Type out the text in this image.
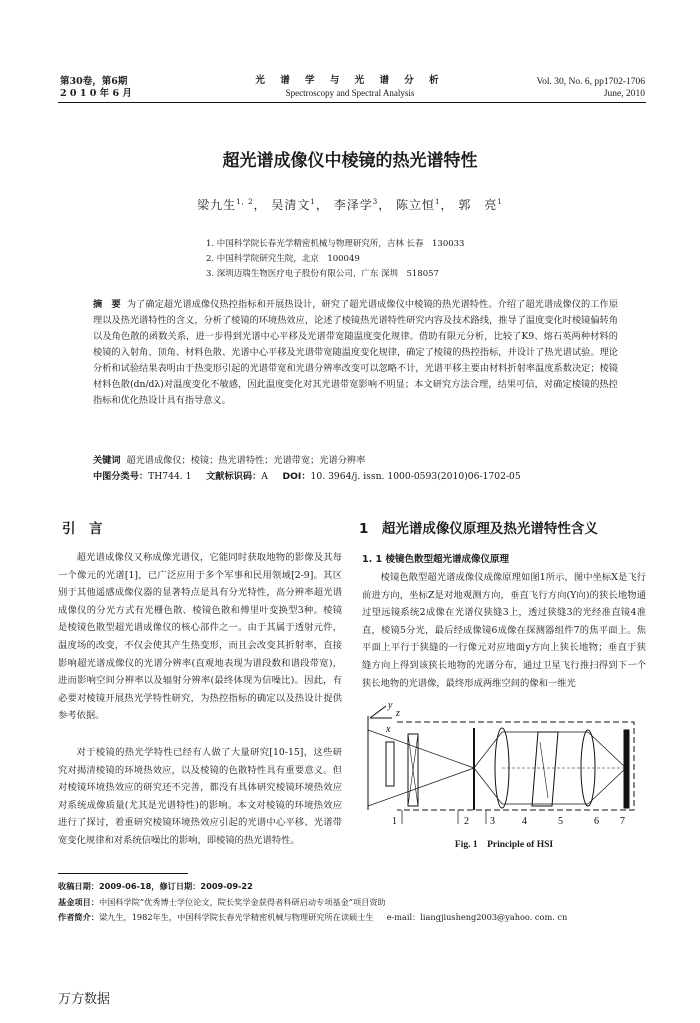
第30卷，第6期
2 0 1 0 年 6 月
光 谱 学 与 光 谱 分 析
Spectroscopy and Spectral Analysis
Vol. 30, No. 6, pp1702-1706
June, 2010
超光谱成像仪中棱镜的热光谱特性
梁九生$^{1, 2}$， 吴清文$^1$， 李泽学$^3$， 陈立恒$^1$， 郭　亮$^1$
1. 中国科学院长春光学精密机械与物理研究所，吉林 长春　130033
2. 中国科学院研究生院，北京　100049
3. 深圳迈瑞生物医疗电子股份有限公司，广东 深圳　518057
摘　要 为了确定超光谱成像仪热控指标和开展热设计，研究了超光谱成像仪中棱镜的热光谱特性。介绍了超光谱成像仪的工作原理以及热光谱特性的含义，分析了棱镜的环境热效应，论述了棱镜热光谱特性研究内容及技术路线，推导了温度变化时棱镜偏转角以及角色散的函数关系，进一步得到光谱中心平移及光谱带宽随温度变化规律。借助有限元分析，比较了K9、熔石英两种材料的棱镜的入射角、顶角、材料色散、光谱中心平移及光谱带宽随温度变化规律，确定了棱镜的热控指标，并设计了热光谱试验。理论分析和试验结果表明由于热变形引起的光谱带宽和光谱分辨率改变可以忽略不计，光谱平移主要由材料折射率温度系数决定；棱镜材料色散(dn/dλ)对温度变化不敏感，因此温度变化对其光谱带宽影响不明显；本文研究方法合理，结果可信，对确定棱镜的热控指标和优化热设计具有指导意义。
关键词 超光谱成像仪；棱镜；热光谱特性；光谱带宽；光谱分辨率
中图分类号：TH744. 1 文献标识码：A DOI：10. 3964/j. issn. 1000-0593(2010)06-1702-05
引　言
超光谱成像仪又称成像光谱仪，它能同时获取地物的影像及其每一个像元的光谱[1]，已广泛应用于多个军事和民用领域[2-9]。其区别于其他遥感成像仪器的显著特点是具有分光特性，高分辨率超光谱成像仪的分光方式有光栅色散、棱镜色散和傅里叶变换型3种。棱镜是棱镜色散型超光谱成像仪的核心部件之一。由于其属于透射元件，温度场的改变，不仅会使其产生热变形，而且会改变其折射率，直接影响超光谱成像仪的光谱分辨率(直观地表现为谱段数和谱段带宽)，进而影响空间分辨率以及辐射分辨率(最终体现为信噪比)。因此，有必要对棱镜开展热光学特性研究，为热控指标的确定以及热设计提供参考依据。
对于棱镜的热光学特性已经有人做了大量研究[10-15]，这些研究对揭清棱镜的环境热效应，以及棱镜的色散特性具有重要意义。但对棱镜环境热效应的研究还不完善，都没有具体研究棱镜环境热效应对系统成像质量(尤其是光谱特性)的影响。本文对棱镜的环境热效应进行了探讨，着重研究棱镜环境热效应引起的光谱中心平移、光谱带宽变化规律和对系统信噪比的影响，即棱镜的热光谱特性。
1　超光谱成像仪原理及热光谱特性含义
1. 1 棱镜色散型超光谱成像仪原理
棱镜色散型超光谱成像仪成像原理如图1所示，图中坐标X是飞行前进方向，坐标Z是对地观测方向，垂直飞行方向(Y向)的狭长地物通过望远镜系统2成像在光谱仪狭缝3上，透过狭缝3的光经准直镜4准直，棱镜5分光，最后经成像镜6成像在探测器组件7的焦平面上。焦平面上平行于狭缝的一行像元对应地面y方向上狭长地物；垂直于狭缝方向上得到该狭长地物的光谱分布，通过卫星飞行推扫得到下一个狭长地物的光谱像，最终形成两维空间的像和一维光
y
x
z
1	2 3	4	5	6 7
Fig. 1　Principle of HSI
收稿日期：2009-06-18，修订日期：2009-09-22
基金项目：中国科学院“优秀博士学位论文，院长奖学金获得者科研启动专项基金”项目资助
作者简介：梁九生，1982年生，中国科学院长春光学精密机械与物理研究所在读硕士生 e-mail：liangjiusheng2003@yahoo. com. cn
万方数据
